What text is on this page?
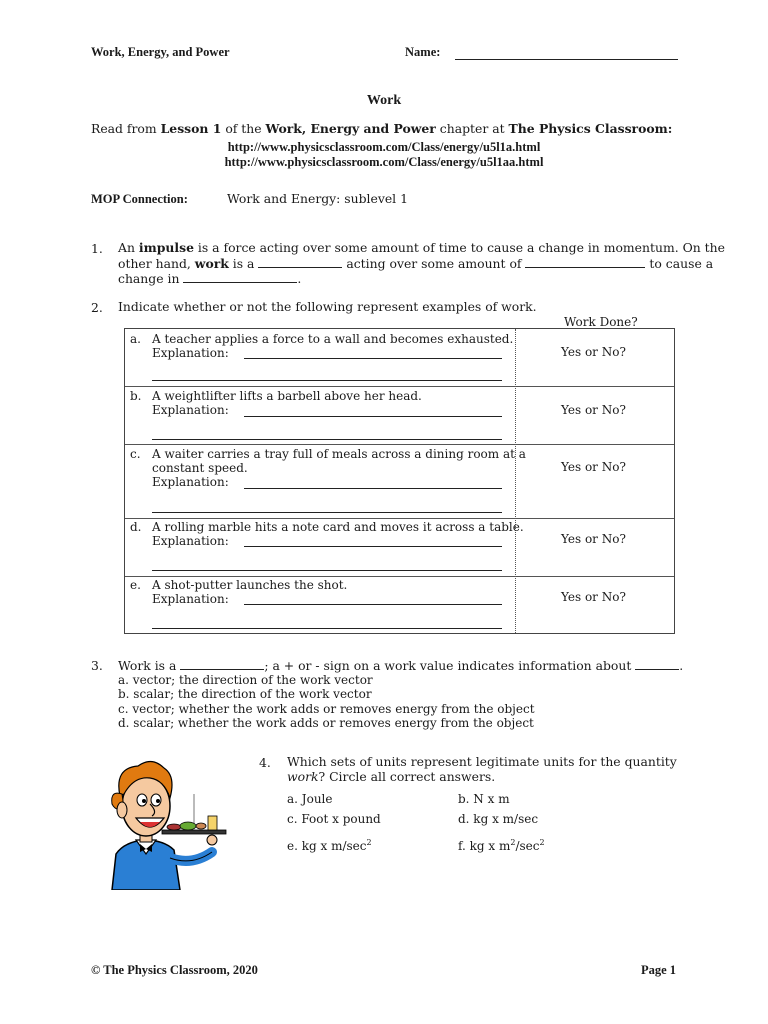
Work, Energy, and Power	Name:
Work
Read from Lesson 1 of the Work, Energy and Power chapter at The Physics Classroom:
http://www.physicsclassroom.com/Class/energy/u5l1a.html
http://www.physicsclassroom.com/Class/energy/u5l1aa.html
MOP Connection:	Work and Energy: sublevel 1
1. An impulse is a force acting over some amount of time to cause a change in momentum. On the
other hand, work is a	acting over some amount of	to cause a
change in	.
2. Indicate whether or not the following represent examples of work.
Work Done?
a. A teacher applies a force to a wall and becomes exhausted.
Explanation:	Yes or No?
b. A weightlifter lifts a barbell above her head.
Explanation:	Yes or No?
c. A waiter carries a tray full of meals across a dining room at a
constant speed.
Explanation:
Yes or No?
d. A rolling marble hits a note card and moves it across a table.
Explanation:	Yes or No?
e. A shot-putter launches the shot.
Explanation:	Yes or No?
3. Work is a	; a + or - sign on a work value indicates information about	.
a. vector; the direction of the work vector
b. scalar; the direction of the work vector
c. vector; whether the work adds or removes energy from the object
d. scalar; whether the work adds or removes energy from the object
4. Which sets of units represent legitimate units for the quantity
work? Circle all correct answers.
a. Joule	b. N x m
c. Foot x pound	d. kg x m/sec
e. kg x $m/\sec^2$	f. kg x $m^2/\sec^2$
© The Physics Classroom, 2020	Page 1
